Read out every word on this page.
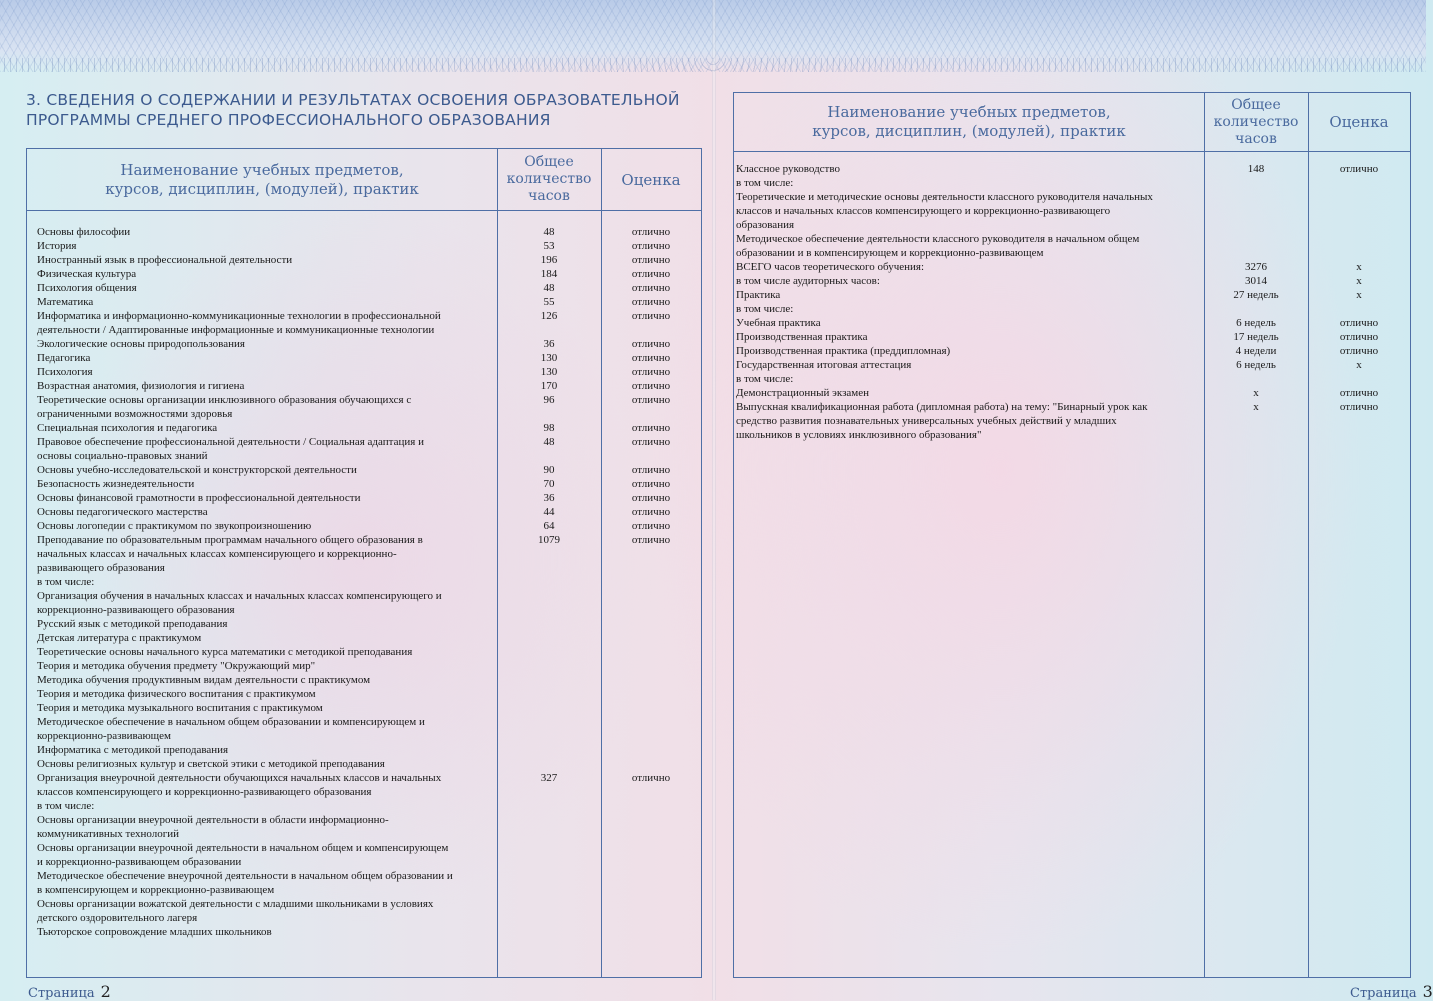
3. СВЕДЕНИЯ О СОДЕРЖАНИИ И РЕЗУЛЬТАТАХ ОСВОЕНИЯ ОБРАЗОВАТЕЛЬНОЙ ПРОГРАММЫ СРЕДНЕГО ПРОФЕССИОНАЛЬНОГО ОБРАЗОВАНИЯ
Наименование учебных предметов,
курсов, дисциплин, (модулей), практик
Общее
количество
часов
Оценка
Основы философии	48	отлично
История	53	отлично
Иностранный язык в профессиональной деятельности	196	отлично
Физическая культура	184	отлично
Психология общения	48	отлично
Математика	55	отлично
Информатика и информационно-коммуникационные технологии в профессиональной
деятельности / Адаптированные информационные и коммуникационные технологии
126	отлично
Экологические основы природопользования	36	отлично
Педагогика	130	отлично
Психология	130	отлично
Возрастная анатомия, физиология и гигиена	170	отлично
Теоретические основы организации инклюзивного образования обучающихся с
ограниченными возможностями здоровья
96	отлично
Специальная психология и педагогика	98	отлично
Правовое обеспечение профессиональной деятельности / Социальная адаптация и
основы социально-правовых знаний
48	отлично
Основы учебно-исследовательской и конструкторской деятельности	90	отлично
Безопасность жизнедеятельности	70	отлично
Основы финансовой грамотности в профессиональной деятельности	36	отлично
Основы педагогического мастерства	44	отлично
Основы логопедии с практикумом по звукопроизношению	64	отлично
Преподавание по образовательным программам начального общего образования в
начальных классах и начальных классах компенсирующего и коррекционно-
развивающего образования
1079	отлично
в том числе:
Организация обучения в начальных классах и начальных классах компенсирующего и
коррекционно-развивающего образования
Русский язык с методикой преподавания
Детская литература с практикумом
Теоретические основы начального курса математики с методикой преподавания
Теория и методика обучения предмету "Окружающий мир"
Методика обучения продуктивным видам деятельности с практикумом
Теория и методика физического воспитания с практикумом
Теория и методика музыкального воспитания с практикумом
Методическое обеспечение в начальном общем образовании и компенсирующем и
коррекционно-развивающем
Информатика с методикой преподавания
Основы религиозных культур и светской этики с методикой преподавания
Организация внеурочной деятельности обучающихся начальных классов и начальных
классов компенсирующего и коррекционно-развивающего образования
327	отлично
в том числе:
Основы организации внеурочной деятельности в области информационно-
коммуникативных технологий
Основы организации внеурочной деятельности в начальном общем и компенсирующем
и коррекционно-развивающем образовании
Методическое обеспечение внеурочной деятельности в начальном общем образовании и
в компенсирующем и коррекционно-развивающем
Основы организации вожатской деятельности с младшими школьниками в условиях
детского оздоровительного лагеря
Тьюторское сопровождение младших школьников
Наименование учебных предметов,
курсов, дисциплин, (модулей), практик
Общее
количество
часов
Оценка
Классное руководство	148	отлично
в том числе:
Теоретические и методические основы деятельности классного руководителя начальных
классов и начальных классов компенсирующего и коррекционно-развивающего
образования
Методическое обеспечение деятельности классного руководителя в начальном общем
образовании и в компенсирующем и коррекционно-развивающем
ВСЕГО часов теоретического обучения:	3276	х
в том числе аудиторных часов:	3014	х
Практика	27 недель	х
в том числе:
Учебная практика	6 недель	отлично
Производственная практика	17 недель	отлично
Производственная практика (преддипломная)	4 недели	отлично
Государственная итоговая аттестация	6 недель	х
в том числе:
Демонстрационный экзамен	х	отлично
Выпускная квалификационная работа (дипломная работа) на тему: "Бинарный урок как
средство развития познавательных универсальных учебных действий у младших
школьников в условиях инклюзивного образования"
х	отлично
Страница 2	Страница 3
